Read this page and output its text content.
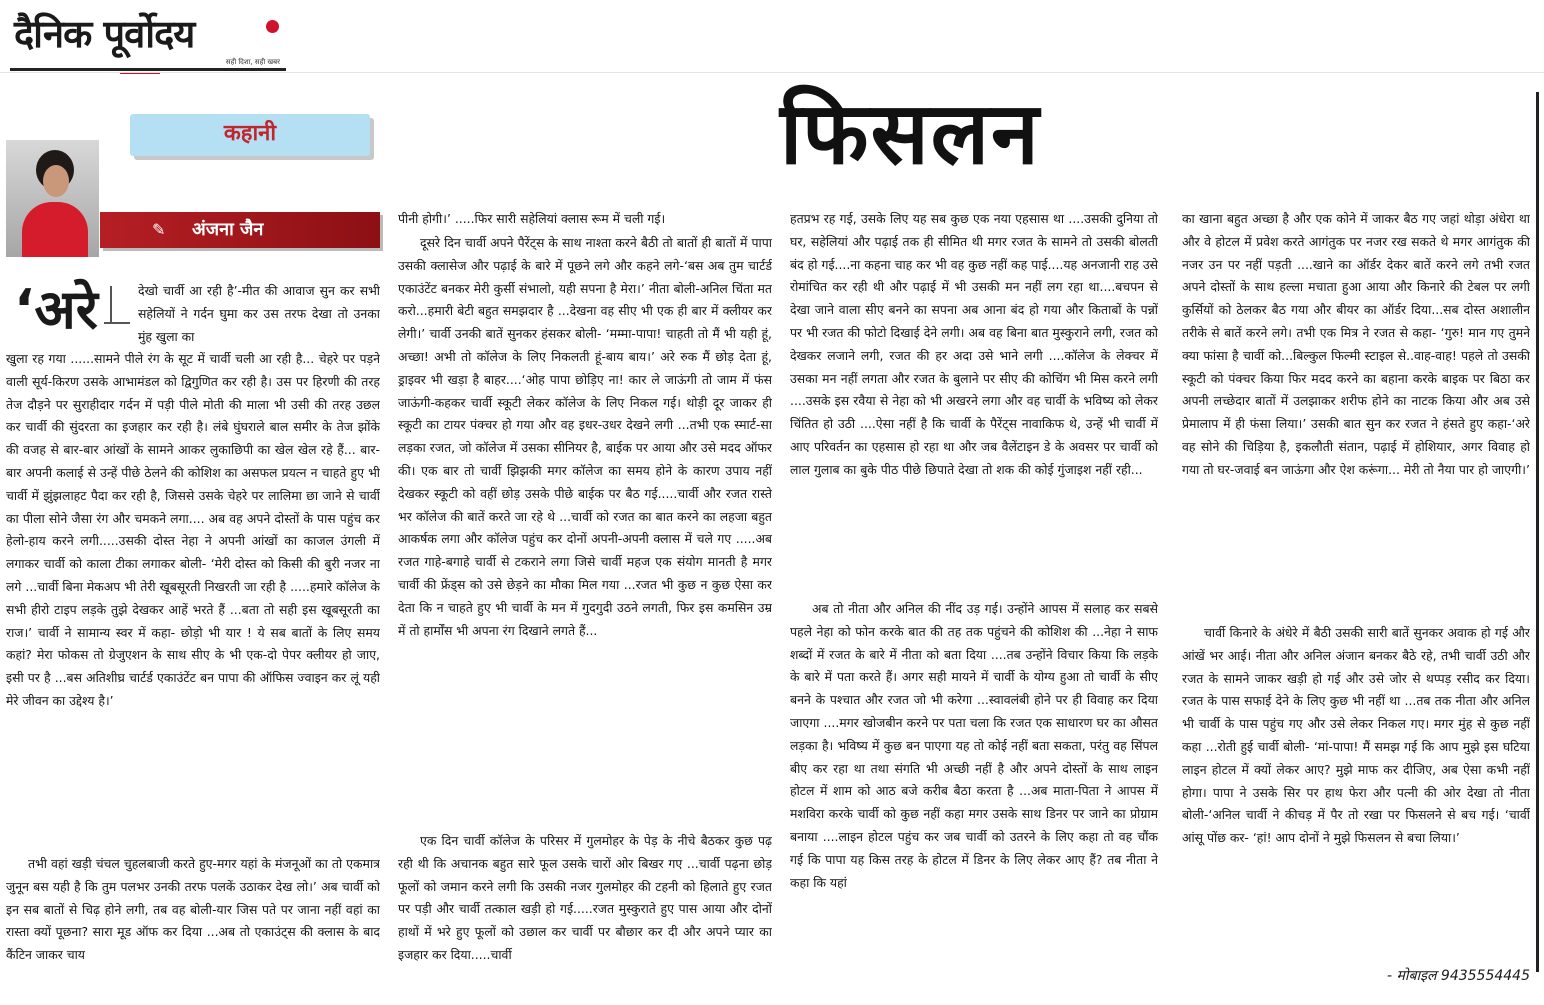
दैनिक पूर्वोदय
सही दिशा, सही खबर
कहानी
✎ अंजना जैन
फिसलन
‘अरे	देखो चार्वी आ रही है’-मीत की आवाज सुन कर सभी सहेलियों ने गर्दन घुमा कर उस तरफ देखा तो उनका मुंह खुला का

खुला रह गया ......सामने पीले रंग के सूट में चार्वी चली आ रही है... चेहरे पर पड़ने वाली सूर्य-किरण उसके आभामंडल को द्विगुणित कर रही है। उस पर हिरणी की तरह तेज दौड़ने पर सुराहीदार गर्दन में पड़ी पीले मोती की माला भी उसी की तरह उछल कर चार्वी की सुंदरता का इजहार कर रही है। लंबे घुंघराले बाल समीर के तेज झोंके की वजह से बार-बार आंखों के सामने आकर लुकाछिपी का खेल खेल रहे हैं... बार-बार अपनी कलाई से उन्हें पीछे ठेलने की कोशिश का असफल प्रयत्न न चाहते हुए भी चार्वी में झुंझलाहट पैदा कर रही है, जिससे उसके चेहरे पर लालिमा छा जाने से चार्वी का पीला सोने जैसा रंग और चमकने लगा.... अब वह अपने दोस्तों के पास पहुंच कर हेलो-हाय करने लगी.....उसकी दोस्त नेहा ने अपनी आंखों का काजल उंगली में लगाकर चार्वी को काला टीका लगाकर बोली- ‘मेरी दोस्त को किसी की बुरी नजर ना लगे ...चार्वी बिना मेकअप भी तेरी खूबसूरती निखरती जा रही है .....हमारे कॉलेज के सभी हीरो टाइप लड़के तुझे देखकर आहें भरते हैं ...बता तो सही इस खूबसूरती का राज।’ चार्वी ने सामान्य स्वर में कहा- छोड़ो भी यार ! ये सब बातों के लिए समय कहां? मेरा फोकस तो ग्रेजुएशन के साथ सीए के भी एक-दो पेपर क्लीयर हो जाए, इसी पर है ...बस अतिशीघ्र चार्टर्ड एकाउंटेंट बन पापा की ऑफिस ज्वाइन कर लूं यही मेरे जीवन का उद्देश्य है।’

तभी वहां खड़ी चंचल चुहलबाजी करते हुए-मगर यहां के मंजनूओं का तो एकमात्र जुनून बस यही है कि तुम पलभर उनकी तरफ पलकें उठाकर देख लो।’ अब चार्वी को इन सब बातों से चिढ़ होने लगी, तब वह बोली-यार जिस पते पर जाना नहीं वहां का रास्ता क्यों पूछना? सारा मूड ऑफ कर दिया ...अब तो एकाउंट्स की क्लास के बाद कैंटिन जाकर चाय

पीनी होगी।’ .....फिर सारी सहेलियां क्लास रूम में चली गई।

दूसरे दिन चार्वी अपने पैरेंट्स के साथ नाश्ता करने बैठी तो बातों ही बातों में पापा उसकी क्लासेज और पढ़ाई के बारे में पूछने लगे और कहने लगे-‘बस अब तुम चार्टर्ड एकाउंटेंट बनकर मेरी कुर्सी संभालो, यही सपना है मेरा।’ नीता बोली-अनिल चिंता मत करो...हमारी बेटी बहुत समझदार है ...देखना वह सीए भी एक ही बार में क्लीयर कर लेगी।’ चार्वी उनकी बातें सुनकर हंसकर बोली- ‘मम्मा-पापा! चाहती तो मैं भी यही हूं, अच्छा! अभी तो कॉलेज के लिए निकलती हूं-बाय बाय।’ अरे रुक मैं छोड़ देता हूं, ड्राइवर भी खड़ा है बाहर....‘ओह पापा छोड़िए ना! कार ले जाऊंगी तो जाम में फंस जाऊंगी-कहकर चार्वी स्कूटी लेकर कॉलेज के लिए निकल गई। थोड़ी दूर जाकर ही स्कूटी का टायर पंक्चर हो गया और वह इधर-उधर देखने लगी ...तभी एक स्मार्ट-सा लड़का रजत, जो कॉलेज में उसका सीनियर है, बाईक पर आया और उसे मदद ऑफर की। एक बार तो चार्वी झिझकी मगर कॉलेज का समय होने के कारण उपाय नहीं देखकर स्कूटी को वहीं छोड़ उसके पीछे बाईक पर बैठ गई.....चार्वी और रजत रास्ते भर कॉलेज की बातें करते जा रहे थे ...चार्वी को रजत का बात करने का लहजा बहुत आकर्षक लगा और कॉलेज पहुंच कर दोनों अपनी-अपनी क्लास में चले गए .....अब रजत गाहे-बगाहे चार्वी से टकराने लगा जिसे चार्वी महज एक संयोग मानती है मगर चार्वी की फ्रेंड्स को उसे छेड़ने का मौका मिल गया ...रजत भी कुछ न कुछ ऐसा कर देता कि न चाहते हुए भी चार्वी के मन में गुदगुदी उठने लगती, फिर इस कमसिन उम्र में तो हार्मोंस भी अपना रंग दिखाने लगते हैं...

एक दिन चार्वी कॉलेज के परिसर में गुलमोहर के पेड़ के नीचे बैठकर कुछ पढ़ रही थी कि अचानक बहुत सारे फूल उसके चारों ओर बिखर गए ...चार्वी पढ़ना छोड़ फूलों को जमान करने लगी कि उसकी नजर गुलमोहर की टहनी को हिलाते हुए रजत पर पड़ी और चार्वी तत्काल खड़ी हो गई.....रजत मुस्कुराते हुए पास आया और दोनों हाथों में भरे हुए फूलों को उछाल कर चार्वी पर बौछार कर दी और अपने प्यार का इजहार कर दिया.....चार्वी

हतप्रभ रह गई, उसके लिए यह सब कुछ एक नया एहसास था ....उसकी दुनिया तो घर, सहेलियां और पढ़ाई तक ही सीमित थी मगर रजत के सामने तो उसकी बोलती बंद हो गई....ना कहना चाह कर भी वह कुछ नहीं कह पाई....यह अनजानी राह उसे रोमांचित कर रही थी और पढ़ाई में भी उसकी मन नहीं लग रहा था....बचपन से देखा जाने वाला सीए बनने का सपना अब आना बंद हो गया और किताबों के पन्नों पर भी रजत की फोटो दिखाई देने लगी। अब वह बिना बात मुस्कुराने लगी, रजत को देखकर लजाने लगी, रजत की हर अदा उसे भाने लगी ....कॉलेज के लेक्चर में उसका मन नहीं लगता और रजत के बुलाने पर सीए की कोचिंग भी मिस करने लगी ....उसके इस रवैया से नेहा को भी अखरने लगा और वह चार्वी के भविष्य को लेकर चिंतित हो उठी ....ऐसा नहीं है कि चार्वी के पैरेंट्स नावाकिफ थे, उन्हें भी चार्वी में आए परिवर्तन का एहसास हो रहा था और जब वैलेंटाइन डे के अवसर पर चार्वी को लाल गुलाब का बुके पीठ पीछे छिपाते देखा तो शक की कोई गुंजाइश नहीं रही...

अब तो नीता और अनिल की नींद उड़ गई। उन्होंने आपस में सलाह कर सबसे पहले नेहा को फोन करके बात की तह तक पहुंचने की कोशिश की ...नेहा ने साफ शब्दों में रजत के बारे में नीता को बता दिया ....तब उन्होंने विचार किया कि लड़के के बारे में पता करते हैं। अगर सही मायने में चार्वी के योग्य हुआ तो चार्वी के सीए बनने के पश्चात और रजत जो भी करेगा ...स्वावलंबी होने पर ही विवाह कर दिया जाएगा ....मगर खोजबीन करने पर पता चला कि रजत एक साधारण घर का औसत लड़का है। भविष्य में कुछ बन पाएगा यह तो कोई नहीं बता सकता, परंतु वह सिंपल बीए कर रहा था तथा संगति भी अच्छी नहीं है और अपने दोस्तों के साथ लाइन होटल में शाम को आठ बजे करीब बैठा करता है ...अब माता-पिता ने आपस में मशविरा करके चार्वी को कुछ नहीं कहा मगर उसके साथ डिनर पर जाने का प्रोग्राम बनाया ....लाइन होटल पहुंच कर जब चार्वी को उतरने के लिए कहा तो वह चौंक गई कि पापा यह किस तरह के होटल में डिनर के लिए लेकर आए हैं? तब नीता ने कहा कि यहां

का खाना बहुत अच्छा है और एक कोने में जाकर बैठ गए जहां थोड़ा अंधेरा था और वे होटल में प्रवेश करते आगंतुक पर नजर रख सकते थे मगर आगंतुक की नजर उन पर नहीं पड़ती ....खाने का ऑर्डर देकर बातें करने लगे तभी रजत अपने दोस्तों के साथ हल्ला मचाता हुआ आया और किनारे की टेबल पर लगी कुर्सियों को ठेलकर बैठ गया और बीयर का ऑर्डर दिया...सब दोस्त अशालीन तरीके से बातें करने लगे। तभी एक मित्र ने रजत से कहा- ‘गुरु! मान गए तुमने क्या फांसा है चार्वी को...बिल्कुल फिल्मी स्टाइल से..वाह-वाह! पहले तो उसकी स्कूटी को पंक्चर किया फिर मदद करने का बहाना करके बाइक पर बिठा कर अपनी लच्छेदार बातों में उलझाकर शरीफ होने का नाटक किया और अब उसे प्रेमालाप में ही फंसा लिया।’ उसकी बात सुन कर रजत ने हंसते हुए कहा-‘अरे वह सोने की चिड़िया है, इकलौती संतान, पढ़ाई में होशियार, अगर विवाह हो गया तो घर-जवाई बन जाऊंगा और ऐश करूंगा... मेरी तो नैया पार हो जाएगी।’

चार्वी किनारे के अंधेरे में बैठी उसकी सारी बातें सुनकर अवाक हो गई और आंखें भर आई। नीता और अनिल अंजान बनकर बैठे रहे, तभी चार्वी उठी और रजत के सामने जाकर खड़ी हो गई और उसे जोर से थप्पड़ रसीद कर दिया। रजत के पास सफाई देने के लिए कुछ भी नहीं था ...तब तक नीता और अनिल भी चार्वी के पास पहुंच गए और उसे लेकर निकल गए। मगर मुंह से कुछ नहीं कहा ...रोती हुई चार्वी बोली- ‘मां-पापा! मैं समझ गई कि आप मुझे इस घटिया लाइन होटल में क्यों लेकर आए? मुझे माफ कर दीजिए, अब ऐसा कभी नहीं होगा। पापा ने उसके सिर पर हाथ फेरा और पत्नी की ओर देखा तो नीता बोली-‘अनिल चार्वी ने कीचड़ में पैर तो रखा पर फिसलने से बच गई। ‘चार्वी आंसू पोंछ कर- ‘हां! आप दोनों ने मुझे फिसलन से बचा लिया।’

- मोबाइल 9435554445
